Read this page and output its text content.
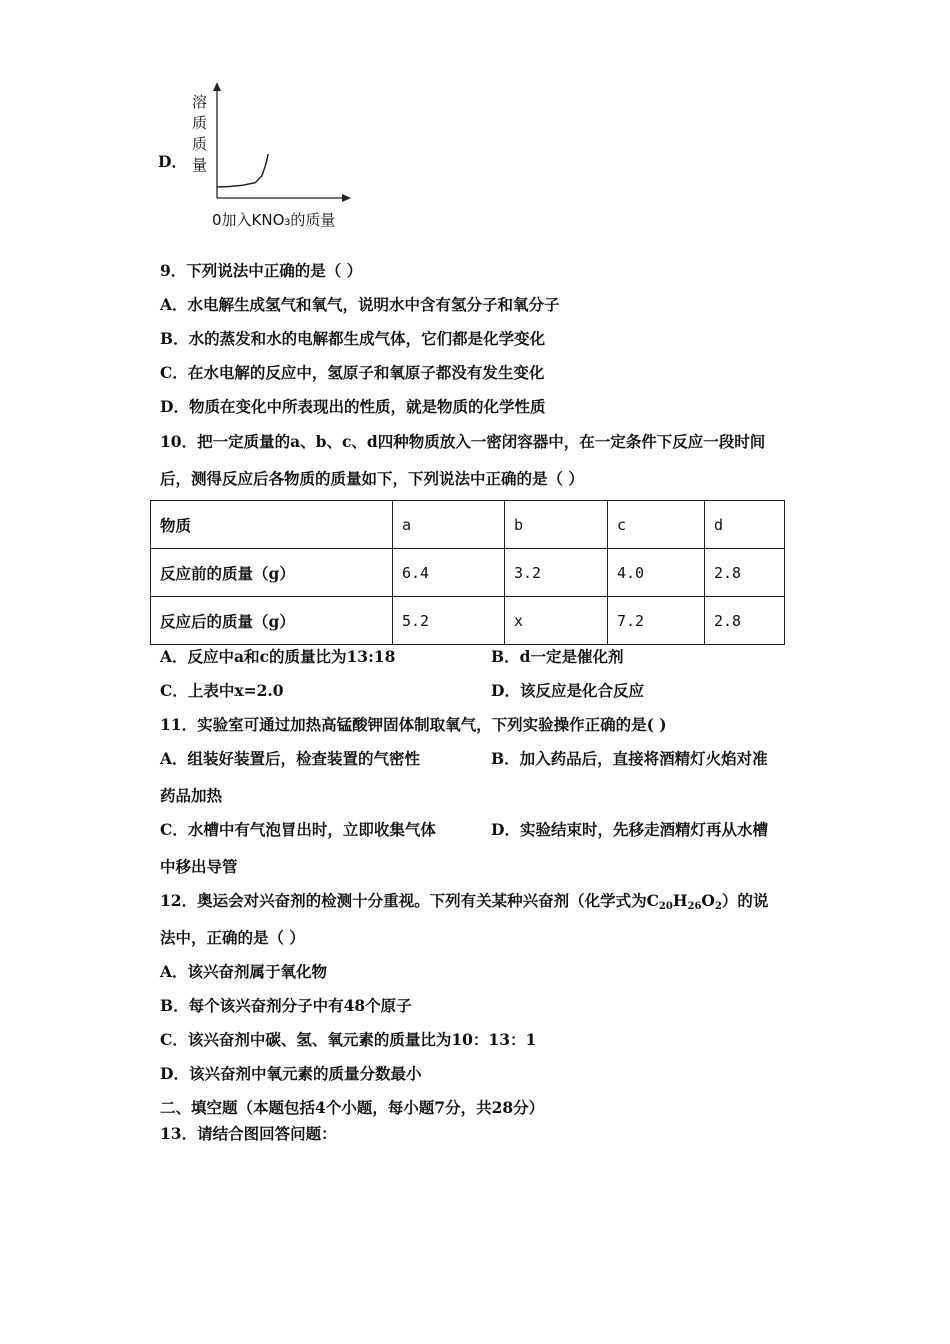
D．
溶
质
质
量
0加入KNO₃的质量
9．下列说法中正确的是（ ）
A．水电解生成氢气和氧气，说明水中含有氢分子和氧分子
B．水的蒸发和水的电解都生成气体，它们都是化学变化
C．在水电解的反应中，氢原子和氧原子都没有发生变化
D．物质在变化中所表现出的性质，就是物质的化学性质
10．把一定质量的a、b、c、d四种物质放入一密闭容器中，在一定条件下反应一段时间
后，测得反应后各物质的质量如下，下列说法中正确的是（ ）
物质	a	b	c	d
反应前的质量（g）	6.4	3.2	4.0	2.8
反应后的质量（g）	5.2	x	7.2	2.8
A．反应中a和c的质量比为13:18	B．d一定是催化剂
C．上表中x=2.0	D．该反应是化合反应
11．实验室可通过加热高锰酸钾固体制取氧气，下列实验操作正确的是( )
A．组装好装置后，检查装置的气密性	B．加入药品后，直接将酒精灯火焰对准
药品加热
C．水槽中有气泡冒出时，立即收集气体	D．实验结束时，先移走酒精灯再从水槽
中移出导管
12．奥运会对兴奋剂的检测十分重视。下列有关某种兴奋剂（化学式为$C_{20}H_{26}O_2$）的说
法中，正确的是（ ）
A．该兴奋剂属于氧化物
B．每个该兴奋剂分子中有48个原子
C．该兴奋剂中碳、氢、氧元素的质量比为10：13：1
D．该兴奋剂中氧元素的质量分数最小
二、填空题（本题包括4个小题，每小题7分，共28分）
13．请结合图回答问题：
